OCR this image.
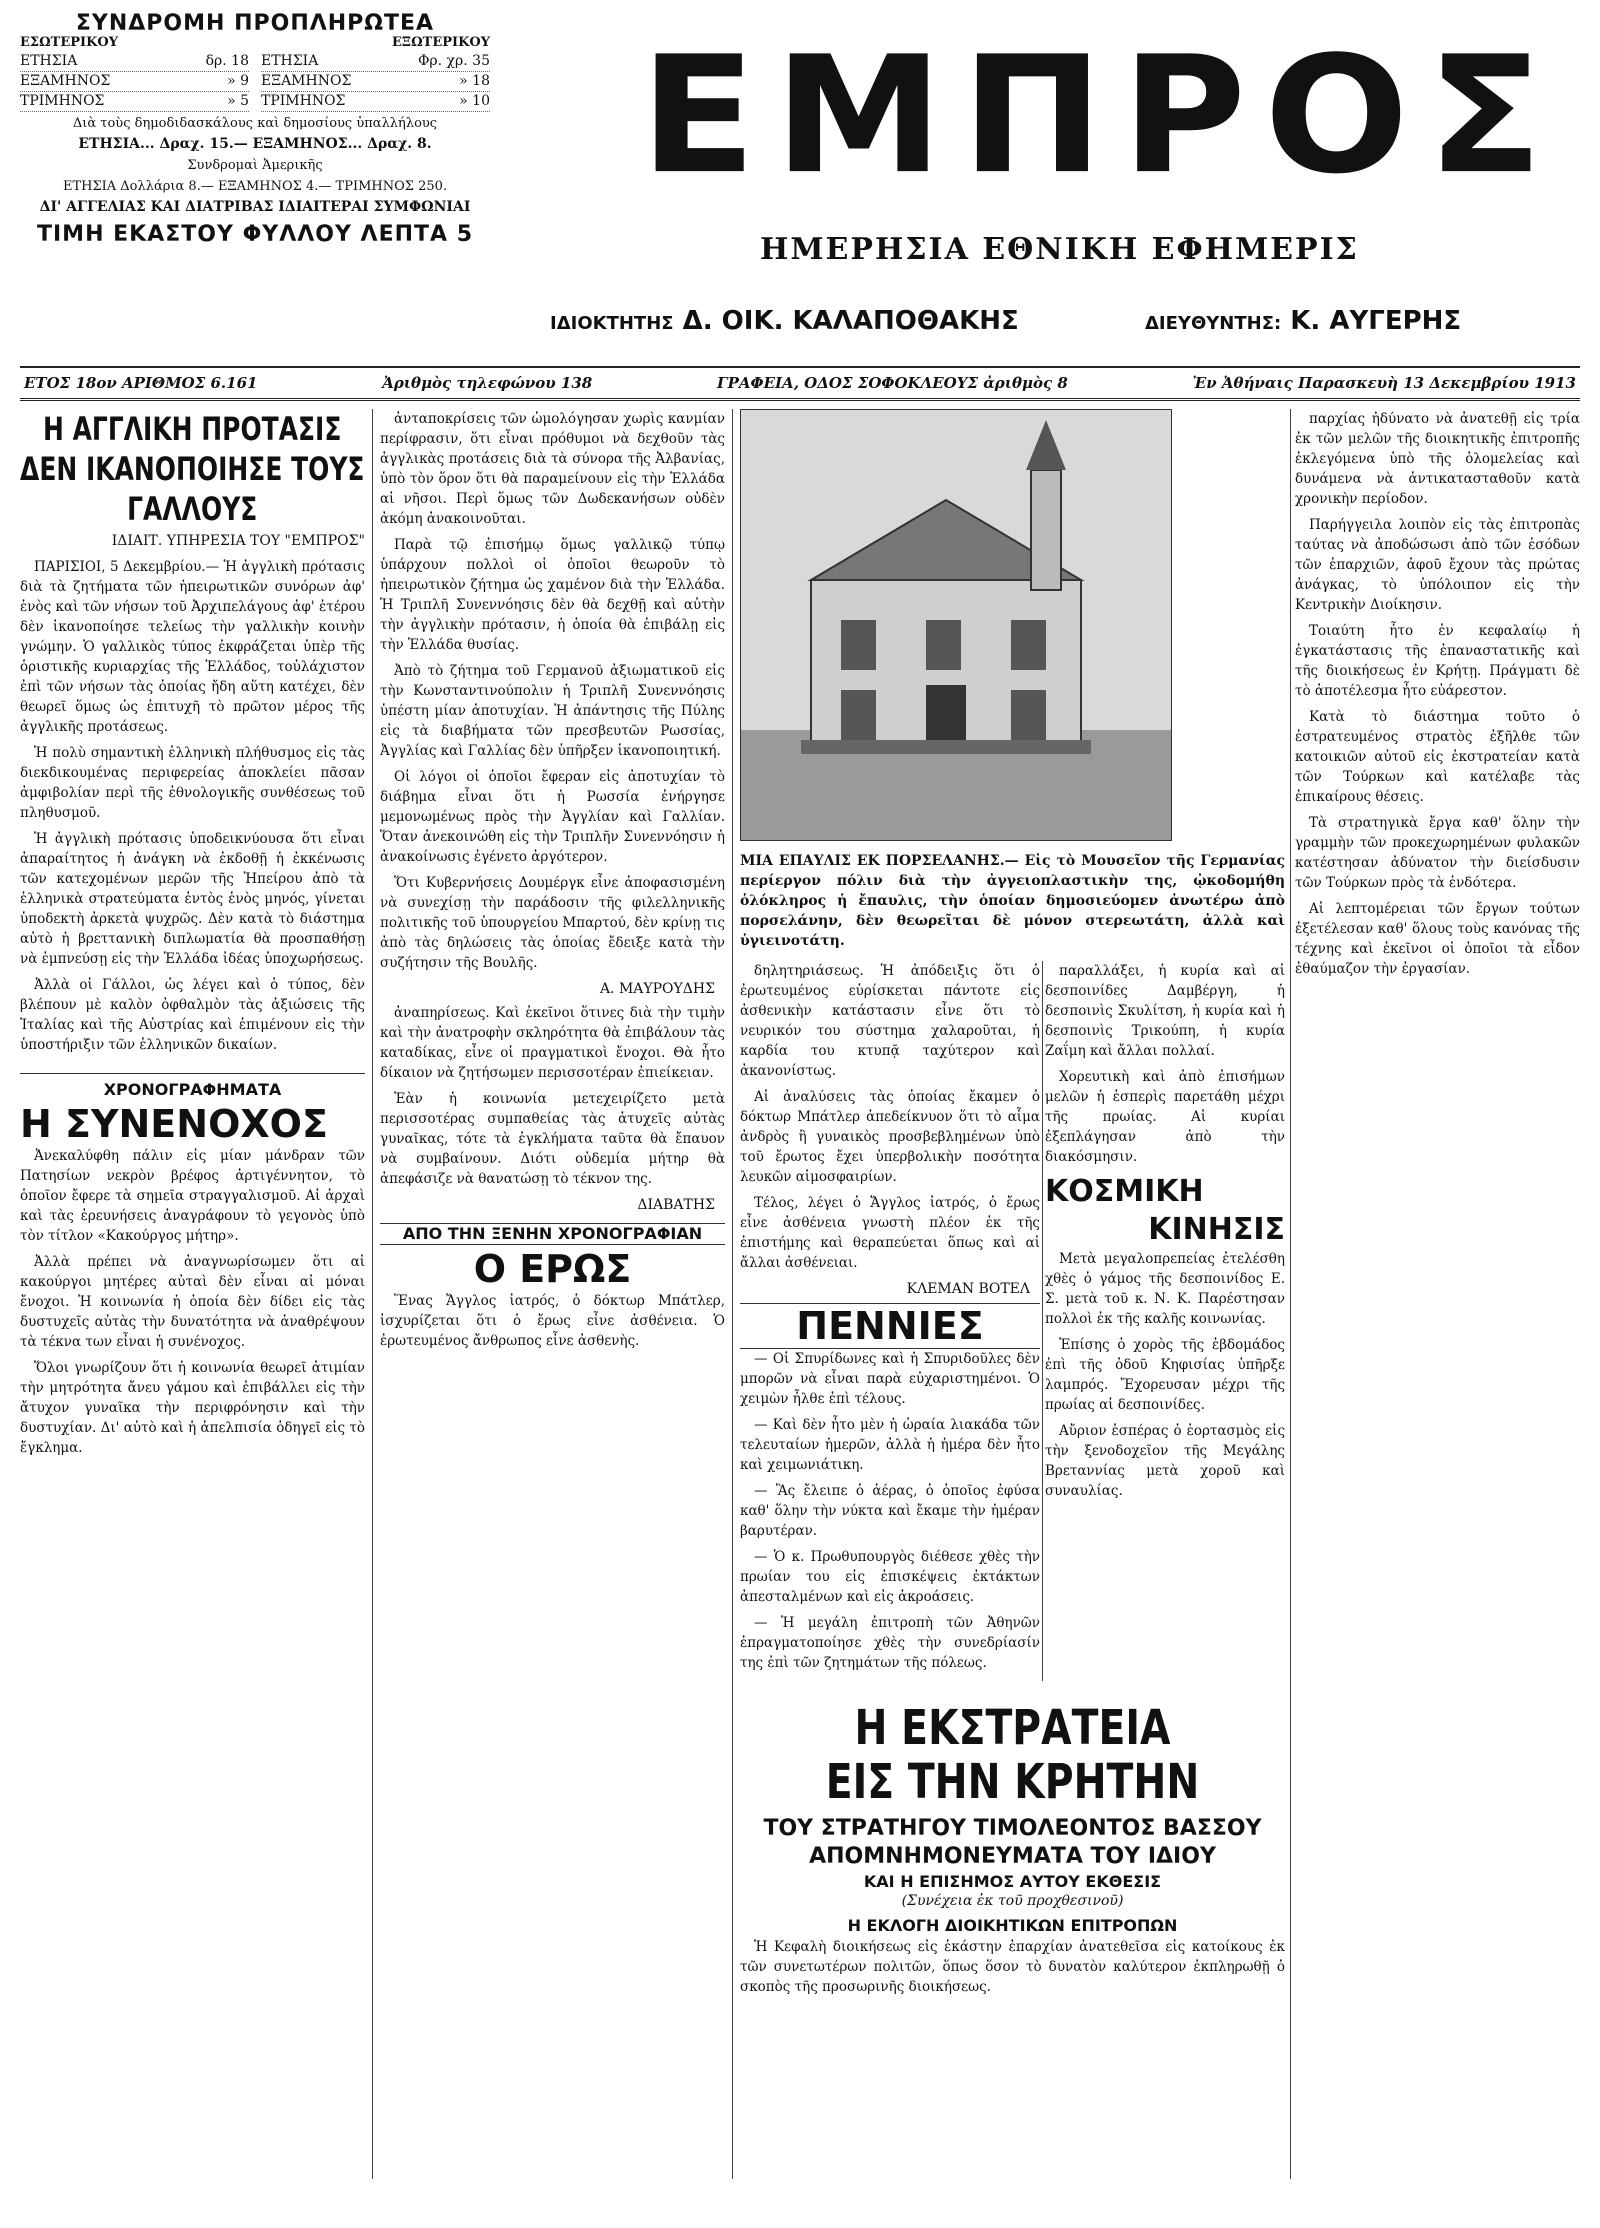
ΣΥΝΔΡΟΜΗ ΠΡΟΠΛΗΡΩΤΕΑ
ΕΣΩΤΕΡΙΚΟΥ	ΕΞΩΤΕΡΙΚΟΥ
ΕΤΗΣΙΑ	δρ. 18 ΕΤΗΣΙΑ	Φρ. χρ. 35
ΕΞΑΜΗΝΟΣ	» 9 ΕΞΑΜΗΝΟΣ	» 18
ΤΡΙΜΗΝΟΣ	» 5 ΤΡΙΜΗΝΟΣ	» 10
Διὰ τοὺς δημοδιδασκάλους καὶ δημοσίους ὑπαλλήλους
ΕΤΗΣΙΑ... Δραχ. 15.— ΕΞΑΜΗΝΟΣ... Δραχ. 8.
Συνδρομαὶ Ἀμερικῆς
ΕΤΗΣΙΑ Δολλάρια 8.— ΕΞΑΜΗΝΟΣ 4.— ΤΡΙΜΗΝΟΣ 250.
ΔΙ' ΑΓΓΕΛΙΑΣ ΚΑΙ ΔΙΑΤΡΙΒΑΣ ΙΔΙΑΙΤΕΡΑΙ ΣΥΜΦΩΝΙΑΙ
ΤΙΜΗ ΕΚΑΣΤΟΥ ΦΥΛΛΟΥ ΛΕΠΤΑ 5
ΕΜΠΡΟΣ
ΗΜΕΡΗΣΙΑ ΕΘΝΙΚΗ ΕΦΗΜΕΡΙΣ
ΙΔΙΟΚΤΗΤΗΣ Δ. ΟΙΚ. ΚΑΛΑΠΟΘΑΚΗΣ	ΔΙΕΥΘΥΝΤΗΣ: Κ. ΑΥΓΕΡΗΣ
ΕΤΟΣ 18ον ΑΡΙΘΜΟΣ 6.161	Ἀριθμὸς τηλεφώνου 138	ΓΡΑΦΕΙΑ, ΟΔΟΣ ΣΟΦΟΚΛΕΟΥΣ ἀριθμὸς 8	Ἐν Ἀθήναις Παρασκευὴ 13 Δεκεμβρίου 1913
Η ΑΓΓΛΙΚΗ ΠΡΟΤΑΣΙΣ
ΔΕΝ ΙΚΑΝΟΠΟΙΗΣΕ ΤΟΥΣ ΓΑΛΛΟΥΣ
ΙΔΙΑΙΤ. ΥΠΗΡΕΣΙΑ ΤΟΥ "ΕΜΠΡΟΣ"

ΠΑΡΙΣΙΟΙ, 5 Δεκεμβρίου.— Ἡ ἀγγλικὴ πρότασις διὰ τὰ ζητήματα τῶν ἠπειρωτικῶν συνόρων ἀφ' ἑνὸς καὶ τῶν νήσων τοῦ Ἀρχιπελάγους ἀφ' ἑτέρου δὲν ἱκανοποίησε τελείως τὴν γαλλικὴν κοινὴν γνώμην. Ὁ γαλλικὸς τύπος ἐκφράζεται ὑπὲρ τῆς ὁριστικῆς κυριαρχίας τῆς Ἑλλάδος, τοὐλάχιστον ἐπὶ τῶν νήσων τὰς ὁποίας ἤδη αὕτη κατέχει, δὲν θεωρεῖ ὅμως ὡς ἐπιτυχῆ τὸ πρῶτον μέρος τῆς ἀγγλικῆς προτάσεως.

Ἡ πολὺ σημαντικὴ ἑλληνικὴ πλήθυσμος εἰς τὰς διεκδικουμένας περιφερείας ἀποκλείει πᾶσαν ἀμφιβολίαν περὶ τῆς ἐθνολογικῆς συνθέσεως τοῦ πληθυσμοῦ.

Ἡ ἀγγλικὴ πρότασις ὑποδεικνύουσα ὅτι εἶναι ἀπαραίτητος ἡ ἀνάγκη νὰ ἐκδοθῇ ἡ ἐκκένωσις τῶν κατεχομένων μερῶν τῆς Ἠπείρου ἀπὸ τὰ ἑλληνικὰ στρατεύματα ἐντὸς ἑνὸς μηνός, γίνεται ὑποδεκτὴ ἀρκετὰ ψυχρῶς. Δὲν κατὰ τὸ διάστημα αὐτὸ ἡ βρεττανικὴ διπλωματία θὰ προσπαθήσῃ νὰ ἐμπνεύσῃ εἰς τὴν Ἑλλάδα ἰδέας ὑποχωρήσεως.

Ἀλλὰ οἱ Γάλλοι, ὡς λέγει καὶ ὁ τύπος, δὲν βλέπουν μὲ καλὸν ὀφθαλμὸν τὰς ἀξιώσεις τῆς Ἰταλίας καὶ τῆς Αὐστρίας καὶ ἐπιμένουν εἰς τὴν ὑποστήριξιν τῶν ἑλληνικῶν δικαίων.

ΧΡΟΝΟΓΡΑΦΗΜΑΤΑ
Η ΣΥΝΕΝΟΧΟΣ

Ἀνεκαλύφθη πάλιν εἰς μίαν μάνδραν τῶν Πατησίων νεκρὸν βρέφος ἀρτιγέννητον, τὸ ὁποῖον ἔφερε τὰ σημεῖα στραγγαλισμοῦ. Αἱ ἀρχαὶ καὶ τὰς ἐρευνήσεις ἀναγράφουν τὸ γεγονὸς ὑπὸ τὸν τίτλον «Κακούργος μήτηρ».

Ἀλλὰ πρέπει νὰ ἀναγνωρίσωμεν ὅτι αἱ κακούργοι μητέρες αὐταὶ δὲν εἶναι αἱ μόναι ἔνοχοι. Ἡ κοινωνία ἡ ὁποία δὲν δίδει εἰς τὰς δυστυχεῖς αὐτὰς τὴν δυνατότητα νὰ ἀναθρέψουν τὰ τέκνα των εἶναι ἡ συνένοχος.

Ὅλοι γνωρίζουν ὅτι ἡ κοινωνία θεωρεῖ ἀτιμίαν τὴν μητρότητα ἄνευ γάμου καὶ ἐπιβάλλει εἰς τὴν ἄτυχον γυναῖκα τὴν περιφρόνησιν καὶ τὴν δυστυχίαν. Δι' αὐτὸ καὶ ἡ ἀπελπισία ὁδηγεῖ εἰς τὸ ἔγκλημα.

ἀνταποκρίσεις τῶν ὡμολόγησαν χωρὶς κανμίαν περίφρασιν, ὅτι εἶναι πρόθυμοι νὰ δεχθοῦν τὰς ἀγγλικὰς προτάσεις διὰ τὰ σύνορα τῆς Ἀλβανίας, ὑπὸ τὸν ὅρον ὅτι θὰ παραμείνουν εἰς τὴν Ἑλλάδα αἱ νῆσοι. Περὶ ὅμως τῶν Δωδεκανήσων οὐδὲν ἀκόμη ἀνακοινοῦται.

Παρὰ τῷ ἐπισήμῳ ὅμως γαλλικῷ τύπῳ ὑπάρχουν πολλοὶ οἱ ὁποῖοι θεωροῦν τὸ ἠπειρωτικὸν ζήτημα ὡς χαμένον διὰ τὴν Ἑλλάδα. Ἡ Τριπλῆ Συνεννόησις δὲν θὰ δεχθῇ καὶ αὐτὴν τὴν ἀγγλικὴν πρότασιν, ἡ ὁποία θὰ ἐπιβάλῃ εἰς τὴν Ἑλλάδα θυσίας.

Ἀπὸ τὸ ζήτημα τοῦ Γερμανοῦ ἀξιωματικοῦ εἰς τὴν Κωνσταντινούπολιν ἡ Τριπλῆ Συνεννόησις ὑπέστη μίαν ἀποτυχίαν. Ἡ ἀπάντησις τῆς Πύλης εἰς τὰ διαβήματα τῶν πρεσβευτῶν Ρωσσίας, Ἀγγλίας καὶ Γαλλίας δὲν ὑπῆρξεν ἱκανοποιητική.

Οἱ λόγοι οἱ ὁποῖοι ἔφεραν εἰς ἀποτυχίαν τὸ διάβημα εἶναι ὅτι ἡ Ρωσσία ἐνήργησε μεμονωμένως πρὸς τὴν Ἀγγλίαν καὶ Γαλλίαν. Ὅταν ἀνεκοινώθη εἰς τὴν Τριπλῆν Συνεννόησιν ἡ ἀνακοίνωσις ἐγένετο ἀργότερον.

Ὅτι Κυβερνήσεις Δουμέργκ εἶνε ἀποφασισμένη νὰ συνεχίσῃ τὴν παράδοσιν τῆς φιλελληνικῆς πολιτικῆς τοῦ ὑπουργείου Μπαρτού, δὲν κρίνῃ τις ἀπὸ τὰς δηλώσεις τὰς ὁποίας ἔδειξε κατὰ τὴν συζήτησιν τῆς Βουλῆς.

Α. ΜΑΥΡΟΥΔΗΣ

ἀναπηρίσεως. Καὶ ἐκεῖνοι ὅτινες διὰ τὴν τιμὴν καὶ τὴν ἀνατροφὴν σκληρότητα θὰ ἐπιβάλουν τὰς καταδίκας, εἶνε οἱ πραγματικοὶ ἔνοχοι. Θὰ ἦτο δίκαιον νὰ ζητήσωμεν περισσοτέραν ἐπιείκειαν.

Ἐὰν ἡ κοινωνία μετεχειρίζετο μετὰ περισσοτέρας συμπαθείας τὰς ἀτυχεῖς αὐτὰς γυναῖκας, τότε τὰ ἐγκλήματα ταῦτα θὰ ἔπαυον νὰ συμβαίνουν. Διότι οὐδεμία μήτηρ θὰ ἀπεφάσιζε νὰ θανατώσῃ τὸ τέκνον της.

ΔΙΑΒΑΤΗΣ
ΑΠΟ ΤΗΝ ΞΕΝΗΝ ΧΡΟΝΟΓΡΑΦΙΑΝ
Ο ΕΡΩΣ

Ἕνας Ἄγγλος ἰατρός, ὁ δόκτωρ Μπάτλερ, ἰσχυρίζεται ὅτι ὁ ἔρως εἶνε ἀσθένεια. Ὁ ἐρωτευμένος ἄνθρωπος εἶνε ἀσθενὴς.

ΜΙΑ ΕΠΑΥΛΙΣ ΕΚ ΠΟΡΣΕΛΑΝΗΣ.— Εἰς τὸ Μουσεῖον τῆς Γερμανίας περίεργον πόλιν διὰ τὴν ἀγγειοπλαστικὴν της, ᾠκοδομήθη ὁλόκληρος ἡ ἔπαυλις, τὴν ὁποίαν δημοσιεύομεν ἀνωτέρω ἀπὸ πορσελάνην, δὲν θεωρεῖται δὲ μόνον στερεωτάτη, ἀλλὰ καὶ ὑγιεινοτάτη.

δηλητηριάσεως. Ἡ ἀπόδειξις ὅτι ὁ ἐρωτευμένος εὑρίσκεται πάντοτε εἰς ἀσθενικὴν κατάστασιν εἶνε ὅτι τὸ νευρικόν του σύστημα χαλαροῦται, ἡ καρδία του κτυπᾷ ταχύτερον καὶ ἀκανονίστως.

Αἱ ἀναλύσεις τὰς ὁποίας ἔκαμεν ὁ δόκτωρ Μπάτλερ ἀπεδείκνυον ὅτι τὸ αἷμα ἀνδρὸς ἢ γυναικὸς προσβεβλημένων ὑπὸ τοῦ ἔρωτος ἔχει ὑπερβολικὴν ποσότητα λευκῶν αἱμοσφαιρίων.

Τέλος, λέγει ὁ Ἄγγλος ἰατρός, ὁ ἔρως εἶνε ἀσθένεια γνωστὴ πλέον ἐκ τῆς ἐπιστήμης καὶ θεραπεύεται ὅπως καὶ αἱ ἄλλαι ἀσθένειαι.

ΚΛΕΜΑΝ ΒΟΤΕΛ
ΠΕΝΝΙΕΣ

— Οἱ Σπυρίδωνες καὶ ἡ Σπυριδοῦλες δὲν μπορῶν νὰ εἶναι παρὰ εὐχαριστημένοι. Ὁ χειμὼν ἦλθε ἐπὶ τέλους.

— Καὶ δὲν ἦτο μὲν ἡ ὡραία λιακάδα τῶν τελευταίων ἡμερῶν, ἀλλὰ ἡ ἡμέρα δὲν ἦτο καὶ χειμωνιάτικη.

— Ἂς ἔλειπε ὁ ἀέρας, ὁ ὁποῖος ἐφύσα καθ' ὅλην τὴν νύκτα καὶ ἔκαμε τὴν ἡμέραν βαρυτέραν.

— Ὁ κ. Πρωθυπουργὸς διέθεσε χθὲς τὴν πρωίαν του εἰς ἐπισκέψεις ἐκτάκτων ἀπεσταλμένων καὶ εἰς ἀκροάσεις.

— Ἡ μεγάλη ἐπιτροπὴ τῶν Ἀθηνῶν ἐπραγματοποίησε χθὲς τὴν συνεδρίασίν της ἐπὶ τῶν ζητημάτων τῆς πόλεως.

παραλλάξει, ἡ κυρία καὶ αἱ δεσποινίδες Δαμβέργη, ἡ δεσποινὶς Σκυλίτση, ἡ κυρία καὶ ἡ δεσποινὶς Τρικούπη, ἡ κυρία Ζαΐμη καὶ ἄλλαι πολλαί.

Χορευτικὴ καὶ ἀπὸ ἐπισήμων μελῶν ἡ ἑσπερὶς παρετάθη μέχρι τῆς πρωίας. Αἱ κυρίαι ἐξεπλάγησαν ἀπὸ τὴν διακόσμησιν.

ΚΟΣΜΙΚΗ
ΚΙΝΗΣΙΣ

Μετὰ μεγαλοπρεπείας ἐτελέσθη χθὲς ὁ γάμος τῆς δεσποινίδος Ε. Σ. μετὰ τοῦ κ. Ν. Κ. Παρέστησαν πολλοὶ ἐκ τῆς καλῆς κοινωνίας.

Ἐπίσης ὁ χορὸς τῆς ἑβδομάδος ἐπὶ τῆς ὁδοῦ Κηφισίας ὑπῆρξε λαμπρός. Ἔχορευσαν μέχρι τῆς πρωίας αἱ δεσποινίδες.

Αὔριον ἑσπέρας ὁ ἑορτασμὸς εἰς τὴν ξενοδοχεῖον τῆς Μεγάλης Βρεταννίας μετὰ χοροῦ καὶ συναυλίας.

Η ΕΚΣΤΡΑΤΕΙΑ
ΕΙΣ ΤΗΝ ΚΡΗΤΗΝ
ΤΟΥ ΣΤΡΑΤΗΓΟΥ ΤΙΜΟΛΕΟΝΤΟΣ ΒΑΣΣΟΥ
ΑΠΟΜΝΗΜΟΝΕΥΜΑΤΑ ΤΟΥ ΙΔΙΟΥ
ΚΑΙ Η ΕΠΙΣΗΜΟΣ ΑΥΤΟΥ ΕΚΘΕΣΙΣ
(Συνέχεια ἐκ τοῦ προχθεσινοῦ)
Η ΕΚΛΟΓΗ ΔΙΟΙΚΗΤΙΚΩΝ ΕΠΙΤΡΟΠΩΝ

Ἡ Κεφαλὴ διοικήσεως εἰς ἑκάστην ἐπαρχίαν ἀνατεθεῖσα εἰς κατοίκους ἐκ τῶν συνετωτέρων πολιτῶν, ὅπως ὅσον τὸ δυνατὸν καλύτερον ἐκπληρωθῇ ὁ σκοπὸς τῆς προσωρινῆς διοικήσεως.

παρχίας ἠδύνατο νὰ ἀνατεθῇ εἰς τρία ἐκ τῶν μελῶν τῆς διοικητικῆς ἐπιτροπῆς ἐκλεγόμενα ὑπὸ τῆς ὁλομελείας καὶ δυνάμενα νὰ ἀντικατασταθοῦν κατὰ χρονικὴν περίοδον.

Παρήγγειλα λοιπὸν εἰς τὰς ἐπιτροπὰς ταύτας νὰ ἀποδώσωσι ἀπὸ τῶν ἐσόδων τῶν ἐπαρχιῶν, ἀφοῦ ἔχουν τὰς πρώτας ἀνάγκας, τὸ ὑπόλοιπον εἰς τὴν Κεντρικὴν Διοίκησιν.

Τοιαύτη ἦτο ἐν κεφαλαίῳ ἡ ἐγκατάστασις τῆς ἐπαναστατικῆς καὶ τῆς διοικήσεως ἐν Κρήτῃ. Πράγματι δὲ τὸ ἀποτέλεσμα ἦτο εὐάρεστον.

Κατὰ τὸ διάστημα τοῦτο ὁ ἐστρατευμένος στρατὸς ἐξῆλθε τῶν κατοικιῶν αὐτοῦ εἰς ἐκστρατείαν κατὰ τῶν Τούρκων καὶ κατέλαβε τὰς ἐπικαίρους θέσεις.

Τὰ στρατηγικὰ ἔργα καθ' ὅλην τὴν γραμμὴν τῶν προκεχωρημένων φυλακῶν κατέστησαν ἀδύνατον τὴν διείσδυσιν τῶν Τούρκων πρὸς τὰ ἐνδότερα.

Αἱ λεπτομέρειαι τῶν ἔργων τούτων ἐξετέλεσαν καθ' ὅλους τοὺς κανόνας τῆς τέχνης καὶ ἐκεῖνοι οἱ ὁποῖοι τὰ εἶδον ἐθαύμαζον τὴν ἐργασίαν.
